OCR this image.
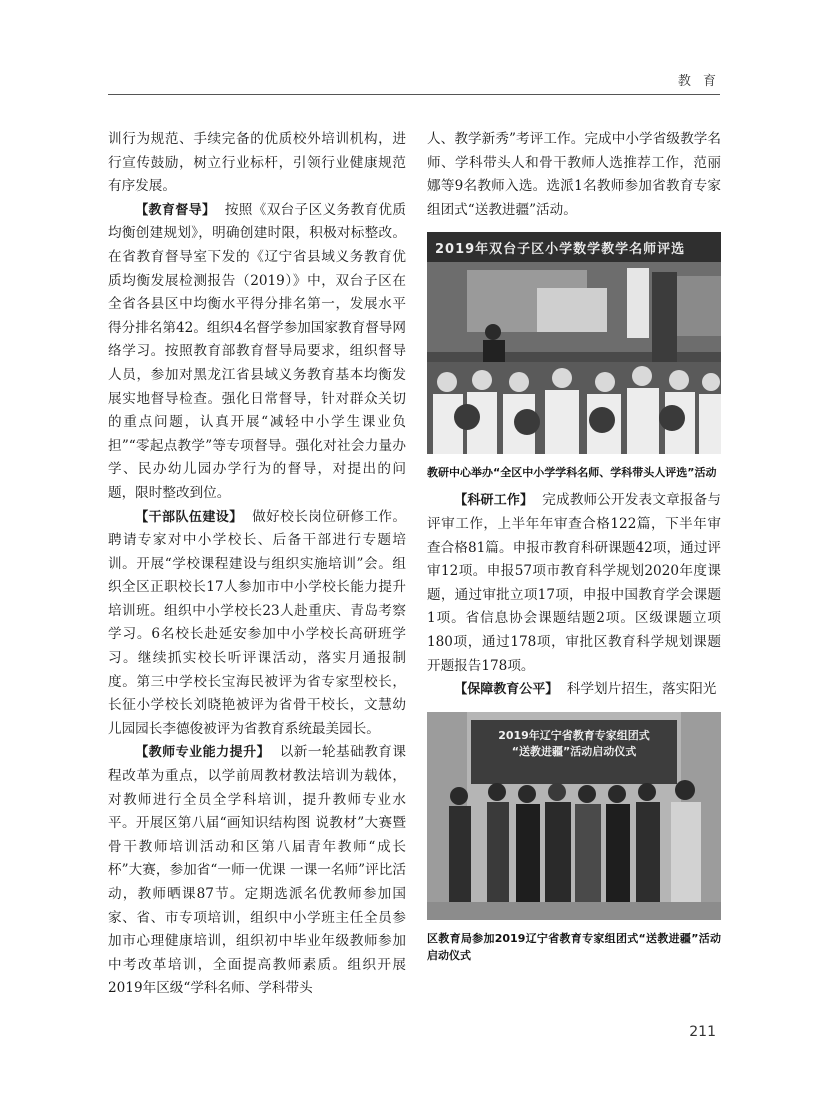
教 育

训行为规范、手续完备的优质校外培训机构，进行宣传鼓励，树立行业标杆，引领行业健康规范有序发展。

【教育督导】 按照《双台子区义务教育优质均衡创建规划》，明确创建时限，积极对标整改。在省教育督导室下发的《辽宁省县域义务教育优质均衡发展检测报告（2019）》中，双台子区在全省各县区中均衡水平得分排名第一，发展水平得分排名第42。组织4名督学参加国家教育督导网络学习。按照教育部教育督导局要求，组织督导人员，参加对黑龙江省县域义务教育基本均衡发展实地督导检查。强化日常督导，针对群众关切的重点问题，认真开展“减轻中小学生课业负担”“零起点教学”等专项督导。强化对社会力量办学、民办幼儿园办学行为的督导，对提出的问题，限时整改到位。

【干部队伍建设】 做好校长岗位研修工作。聘请专家对中小学校长、后备干部进行专题培训。开展“学校课程建设与组织实施培训”会。组织全区正职校长17人参加市中小学校长能力提升培训班。组织中小学校长23人赴重庆、青岛考察学习。6名校长赴延安参加中小学校长高研班学习。继续抓实校长听评课活动，落实月通报制度。第三中学校长宝海民被评为省专家型校长，长征小学校长刘晓艳被评为省骨干校长，文慧幼儿园园长李德俊被评为省教育系统最美园长。

【教师专业能力提升】 以新一轮基础教育课程改革为重点，以学前周教材教法培训为载体，对教师进行全员全学科培训，提升教师专业水平。开展区第八届“画知识结构图 说教材”大赛暨骨干教师培训活动和区第八届青年教师“成长杯”大赛，参加省“一师一优课 一课一名师”评比活动，教师晒课87节。定期选派名优教师参加国家、省、市专项培训，组织中小学班主任全员参加市心理健康培训，组织初中毕业年级教师参加中考改革培训，全面提高教师素质。组织开展2019年区级“学科名师、学科带头

人、教学新秀”考评工作。完成中小学省级教学名师、学科带头人和骨干教师人选推荐工作，范丽娜等9名教师入选。选派1名教师参加省教育专家组团式“送教进疆”活动。

2019年双台子区小学数学教学名师评选
教研中心举办“全区中小学学科名师、学科带头人评选”活动

【科研工作】 完成教师公开发表文章报备与评审工作，上半年年审查合格122篇，下半年审查合格81篇。申报市教育科研课题42项，通过评审12项。申报57项市教育科学规划2020年度课题，通过审批立项17项，申报中国教育学会课题1项。省信息协会课题结题2项。区级课题立项180项，通过178项，审批区教育科学规划课题开题报告178项。

【保障教育公平】 科学划片招生，落实阳光

2019年辽宁省教育专家组团式
“送教进疆”活动启动仪式
区教育局参加2019辽宁省教育专家组团式“送教进疆”活动启动仪式
211
